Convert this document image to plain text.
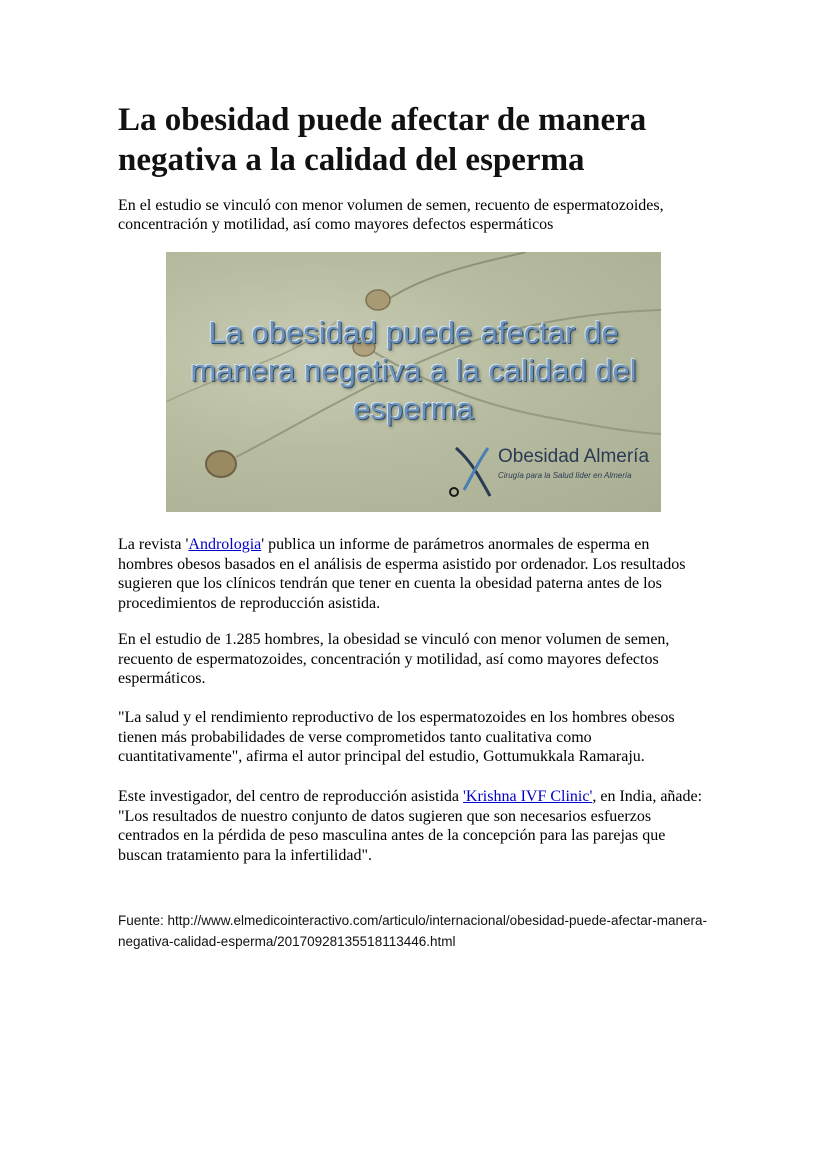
La obesidad puede afectar de manera negativa a la calidad del esperma

En el estudio se vinculó con menor volumen de semen, recuento de espermatozoides, concentración y motilidad, así como mayores defectos espermáticos

La obesidad puede afectar de manera negativa a la calidad del esperma

Obesidad Almería

Cirugía para la Salud líder en Almería

La revista 'Andrologia' publica un informe de parámetros anormales de esperma en hombres obesos basados en el análisis de esperma asistido por ordenador. Los resultados sugieren que los clínicos tendrán que tener en cuenta la obesidad paterna antes de los procedimientos de reproducción asistida.

En el estudio de 1.285 hombres, la obesidad se vinculó con menor volumen de semen, recuento de espermatozoides, concentración y motilidad, así como mayores defectos espermáticos.

"La salud y el rendimiento reproductivo de los espermatozoides en los hombres obesos tienen más probabilidades de verse comprometidos tanto cualitativa como cuantitativamente", afirma el autor principal del estudio, Gottumukkala Ramaraju.

Este investigador, del centro de reproducción asistida 'Krishna IVF Clinic', en India, añade: "Los resultados de nuestro conjunto de datos sugieren que son necesarios esfuerzos centrados en la pérdida de peso masculina antes de la concepción para las parejas que buscan tratamiento para la infertilidad".

Fuente: http://www.elmedicointeractivo.com/articulo/internacional/obesidad-puede-afectar-manera-negativa-calidad-esperma/20170928135518113446.html
